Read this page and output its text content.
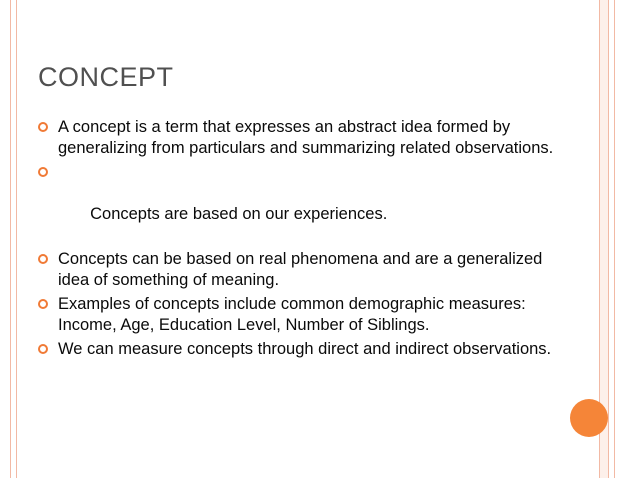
CONCEPT
A concept is a term that expresses an abstract idea formed by generalizing from particulars and summarizing related observations.

Concepts are based on our experiences.

Concepts can be based on real phenomena and are a generalized idea of something of meaning.
Examples of concepts include common demographic measures: Income, Age, Education Level, Number of Siblings.
We can measure concepts through direct and indirect observations.
